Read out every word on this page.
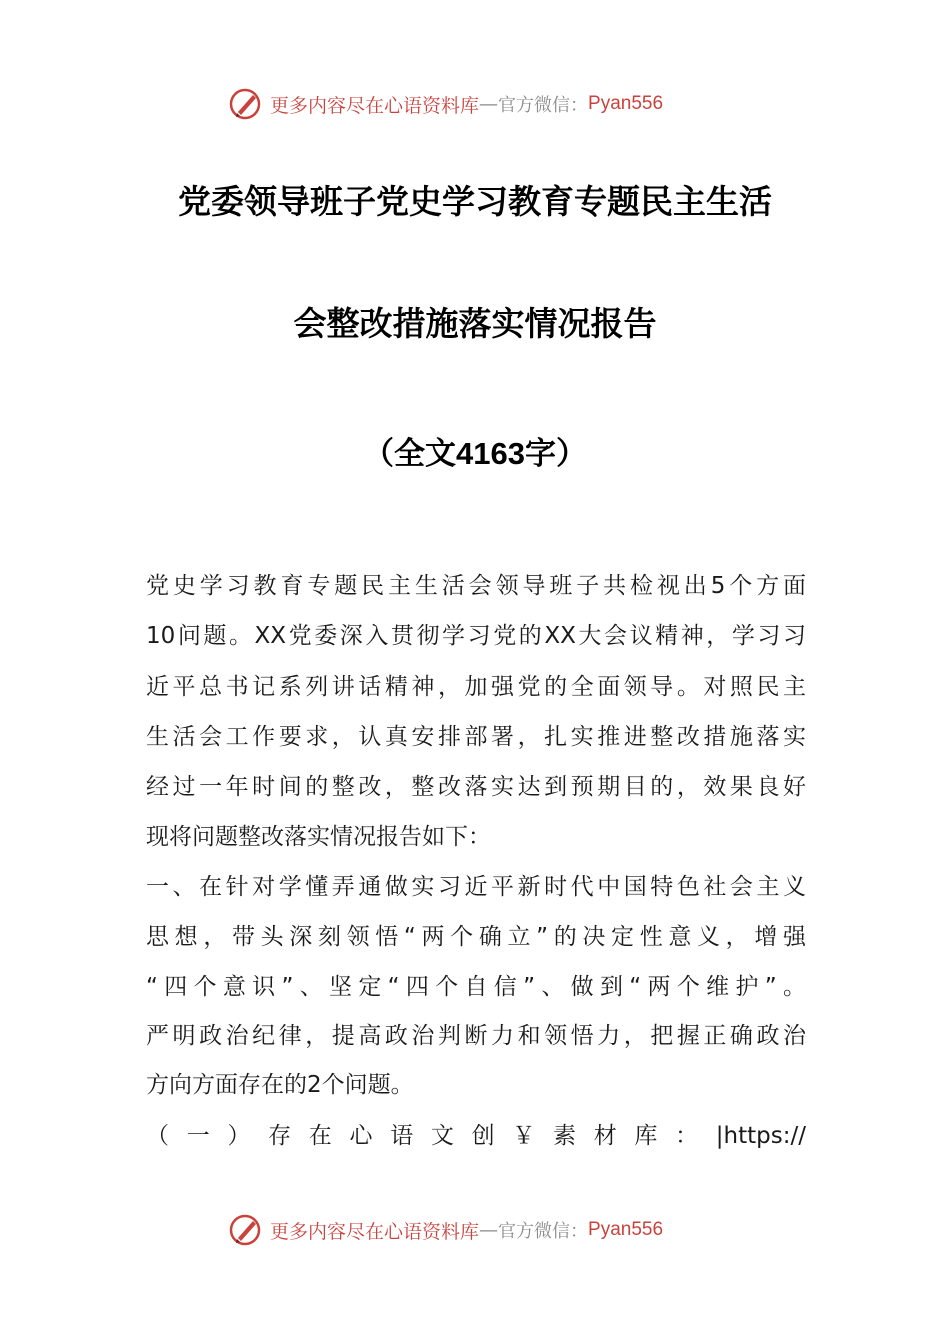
更多内容尽在心语资料库 — 官方微信： Pyan556
党委领导班子党史学习教育专题民主生活
会整改措施落实情况报告
（全文4163字）
党史学习教育专题民主生活会领导班子共检视出5个方面
10问题。XX党委深入贯彻学习党的XX大会议精神，学习习
近平总书记系列讲话精神，加强党的全面领导。对照民主
生活会工作要求，认真安排部署，扎实推进整改措施落实
经过一年时间的整改，整改落实达到预期目的，效果良好
现将问题整改落实情况报告如下：
一、在针对学懂弄通做实习近平新时代中国特色社会主义
思想，带头深刻领悟“两个确立”的决定性意义，增强
“四个意识”、坚定“四个自信”、做到“两个维护”。
严明政治纪律，提高政治判断力和领悟力，把握正确政治
方向方面存在的2个问题。
（一）存在心语文创￥素材库：|https://
更多内容尽在心语资料库 — 官方微信： Pyan556
